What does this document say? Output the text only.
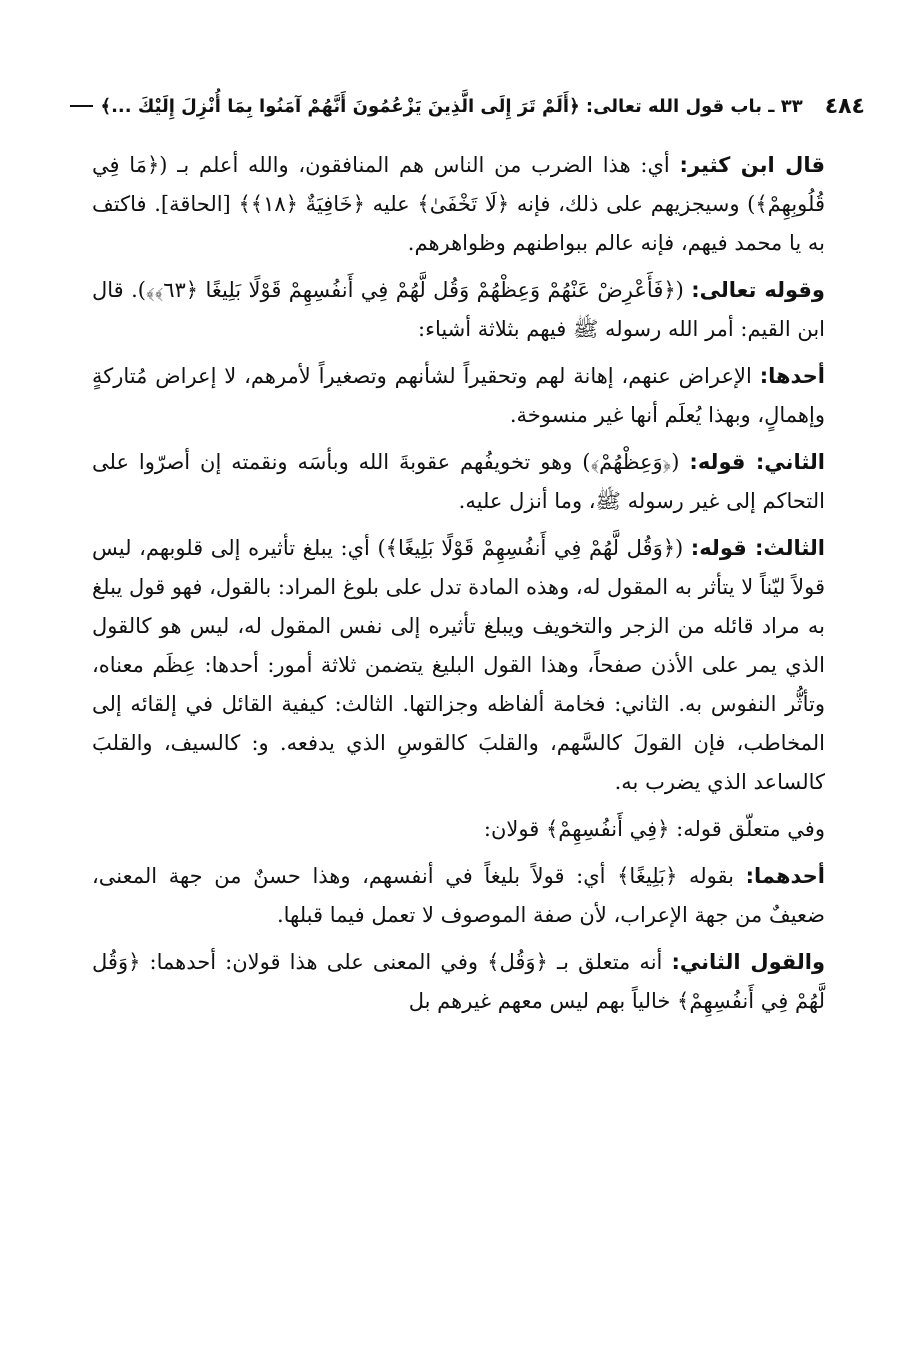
٤٨٤
٣٣ ـ باب قول الله تعالى: ﴿أَلَمْ تَرَ إِلَى الَّذِينَ يَزْعُمُونَ أَنَّهُمْ آمَنُوا بِمَا أُنْزِلَ إِلَيْكَ ...﴾

قال ابن كثير: أي: هذا الضرب من الناس هم المنافقون، والله أعلم بـ (﴿مَا فِي قُلُوبِهِمْ﴾) وسيجزيهم على ذلك، فإنه ﴿لَا تَخْفَىٰ﴾ عليه ﴿خَافِيَةٌ ﴿١٨﴾﴾ [الحاقة]. فاكتف به يا محمد فيهم، فإنه عالم ببواطنهم وظواهرهم.

وقوله تعالى: (﴿فَأَعْرِضْ عَنْهُمْ وَعِظْهُمْ وَقُل لَّهُمْ فِي أَنفُسِهِمْ قَوْلًا بَلِيغًا ﴿٦٣﴾﴾). قال ابن القيم: أمر الله رسوله ﷺ فيهم بثلاثة أشياء:

أحدها: الإعراض عنهم، إهانة لهم وتحقيراً لشأنهم وتصغيراً لأمرهم، لا إعراض مُتاركةٍ وإهمالٍ، وبهذا يُعلَم أنها غير منسوخة.

الثاني: قوله: (﴿وَعِظْهُمْ﴾) وهو تخويفُهم عقوبةَ الله وبأسَه ونقمته إن أصرّوا على التحاكم إلى غير رسوله ﷺ، وما أنزل عليه.

الثالث: قوله: (﴿وَقُل لَّهُمْ فِي أَنفُسِهِمْ قَوْلًا بَلِيغًا﴾) أي: يبلغ تأثيره إلى قلوبهم، ليس قولاً ليّناً لا يتأثر به المقول له، وهذه المادة تدل على بلوغ المراد: بالقول، فهو قول يبلغ به مراد قائله من الزجر والتخويف ويبلغ تأثيره إلى نفس المقول له، ليس هو كالقول الذي يمر على الأذن صفحاً، وهذا القول البليغ يتضمن ثلاثة أمور: أحدها: عِظَم معناه، وتأثُّر النفوس به. الثاني: فخامة ألفاظه وجزالتها. الثالث: كيفية القائل في إلقائه إلى المخاطب، فإن القولَ كالسَّهم، والقلبَ كالقوسِ الذي يدفعه. و: كالسيف، والقلبَ كالساعد الذي يضرب به.

وفي متعلّق قوله: ﴿فِي أَنفُسِهِمْ﴾ قولان:

أحدهما: بقوله ﴿بَلِيغًا﴾ أي: قولاً بليغاً في أنفسهم، وهذا حسنٌ من جهة المعنى، ضعيفٌ من جهة الإعراب، لأن صفة الموصوف لا تعمل فيما قبلها.

والقول الثاني: أنه متعلق بـ ﴿وَقُل﴾ وفي المعنى على هذا قولان: أحدهما: ﴿وَقُل لَّهُمْ فِي أَنفُسِهِمْ﴾ خالياً بهم ليس معهم غيرهم بل
